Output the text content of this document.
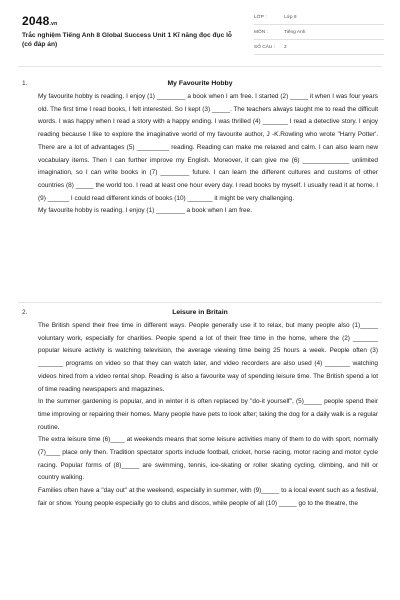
2048.vn
Trắc nghiệm Tiếng Anh 8 Global Success Unit 1 Kĩ năng đọc đục lỗ (có đáp án)
LỚP :	Lớp 8
MÔN :	Tiếng Anh
SỐ CÂU :	2
1.	My Favourite Hobby

My favourite hobby is reading. I enjoy (1) ________ a book when I am free. I started (2) _____ it when I was four years old. The first time I read books, I felt interested. So I kept (3) _____. The teachers always taught me to read the difficult words. I was happy when I read a story with a happy ending. I was thrilled (4) _______ I read a detective story. I enjoy reading because I like to explore the imaginative world of my favourite author, J -K.Rowling who wrote "Harry Potter'. There are a lot of advantages (5) _________ reading. Reading can make me relaxed and calm. I can also learn new vocabulary items. Then I can further improve my English. Moreover, it can give me (6) _____________ unlimited imagination, so I can write books in (7) ________ future. I can learn the different cultures and customs of other countries (8) _____ the world too. I read at least one hour every day. I read books by myself. I usually read it at home. I (9) ______ I could read different kinds of books (10) _______ it might be very challenging.

My favourite hobby is reading. I enjoy (1) ________ a book when I am free.

2.	Leisure in Britain

The British spend their free time in different ways. People generally use it to relax, but many people also (1)_____ voluntary work, especially for charities. People spend a lot of their free time in the home, where the (2) _______ popular leisure activity is watching television, the average viewing time being 25 hours a week. People often (3) _______ programs on video so that they can watch later, and video recorders are also used (4) _______ watching videos hired from a video rental shop. Reading is also a favourite way of spending leisure time. The British spend a lot of time reading newspapers and magazines.

In the summer gardening is popular, and in winter it is often replaced by "do-it yourself", (5)_____ people spend their time improving or repairing their homes. Many people have pets to look after; taking the dog for a daily walk is a regular routine.

The extra leisure time (6)____ at weekends means that some leisure activities many of them to do with sport, normally (7)____ place only then. Tradition spectator sports include football, cricket, horse racing, motor racing and motor cycle racing. Popular forms of (8)_____ are swimming, tennis, ice-skating or roller skating cycling, climbing, and hill or country walking.

Families often have a "day out" at the weekend, especially in summer, with (9)_____ to a local event such as a festival, fair or show. Young people especially go to clubs and discos, while people of all (10) _____ go to the theatre, the
